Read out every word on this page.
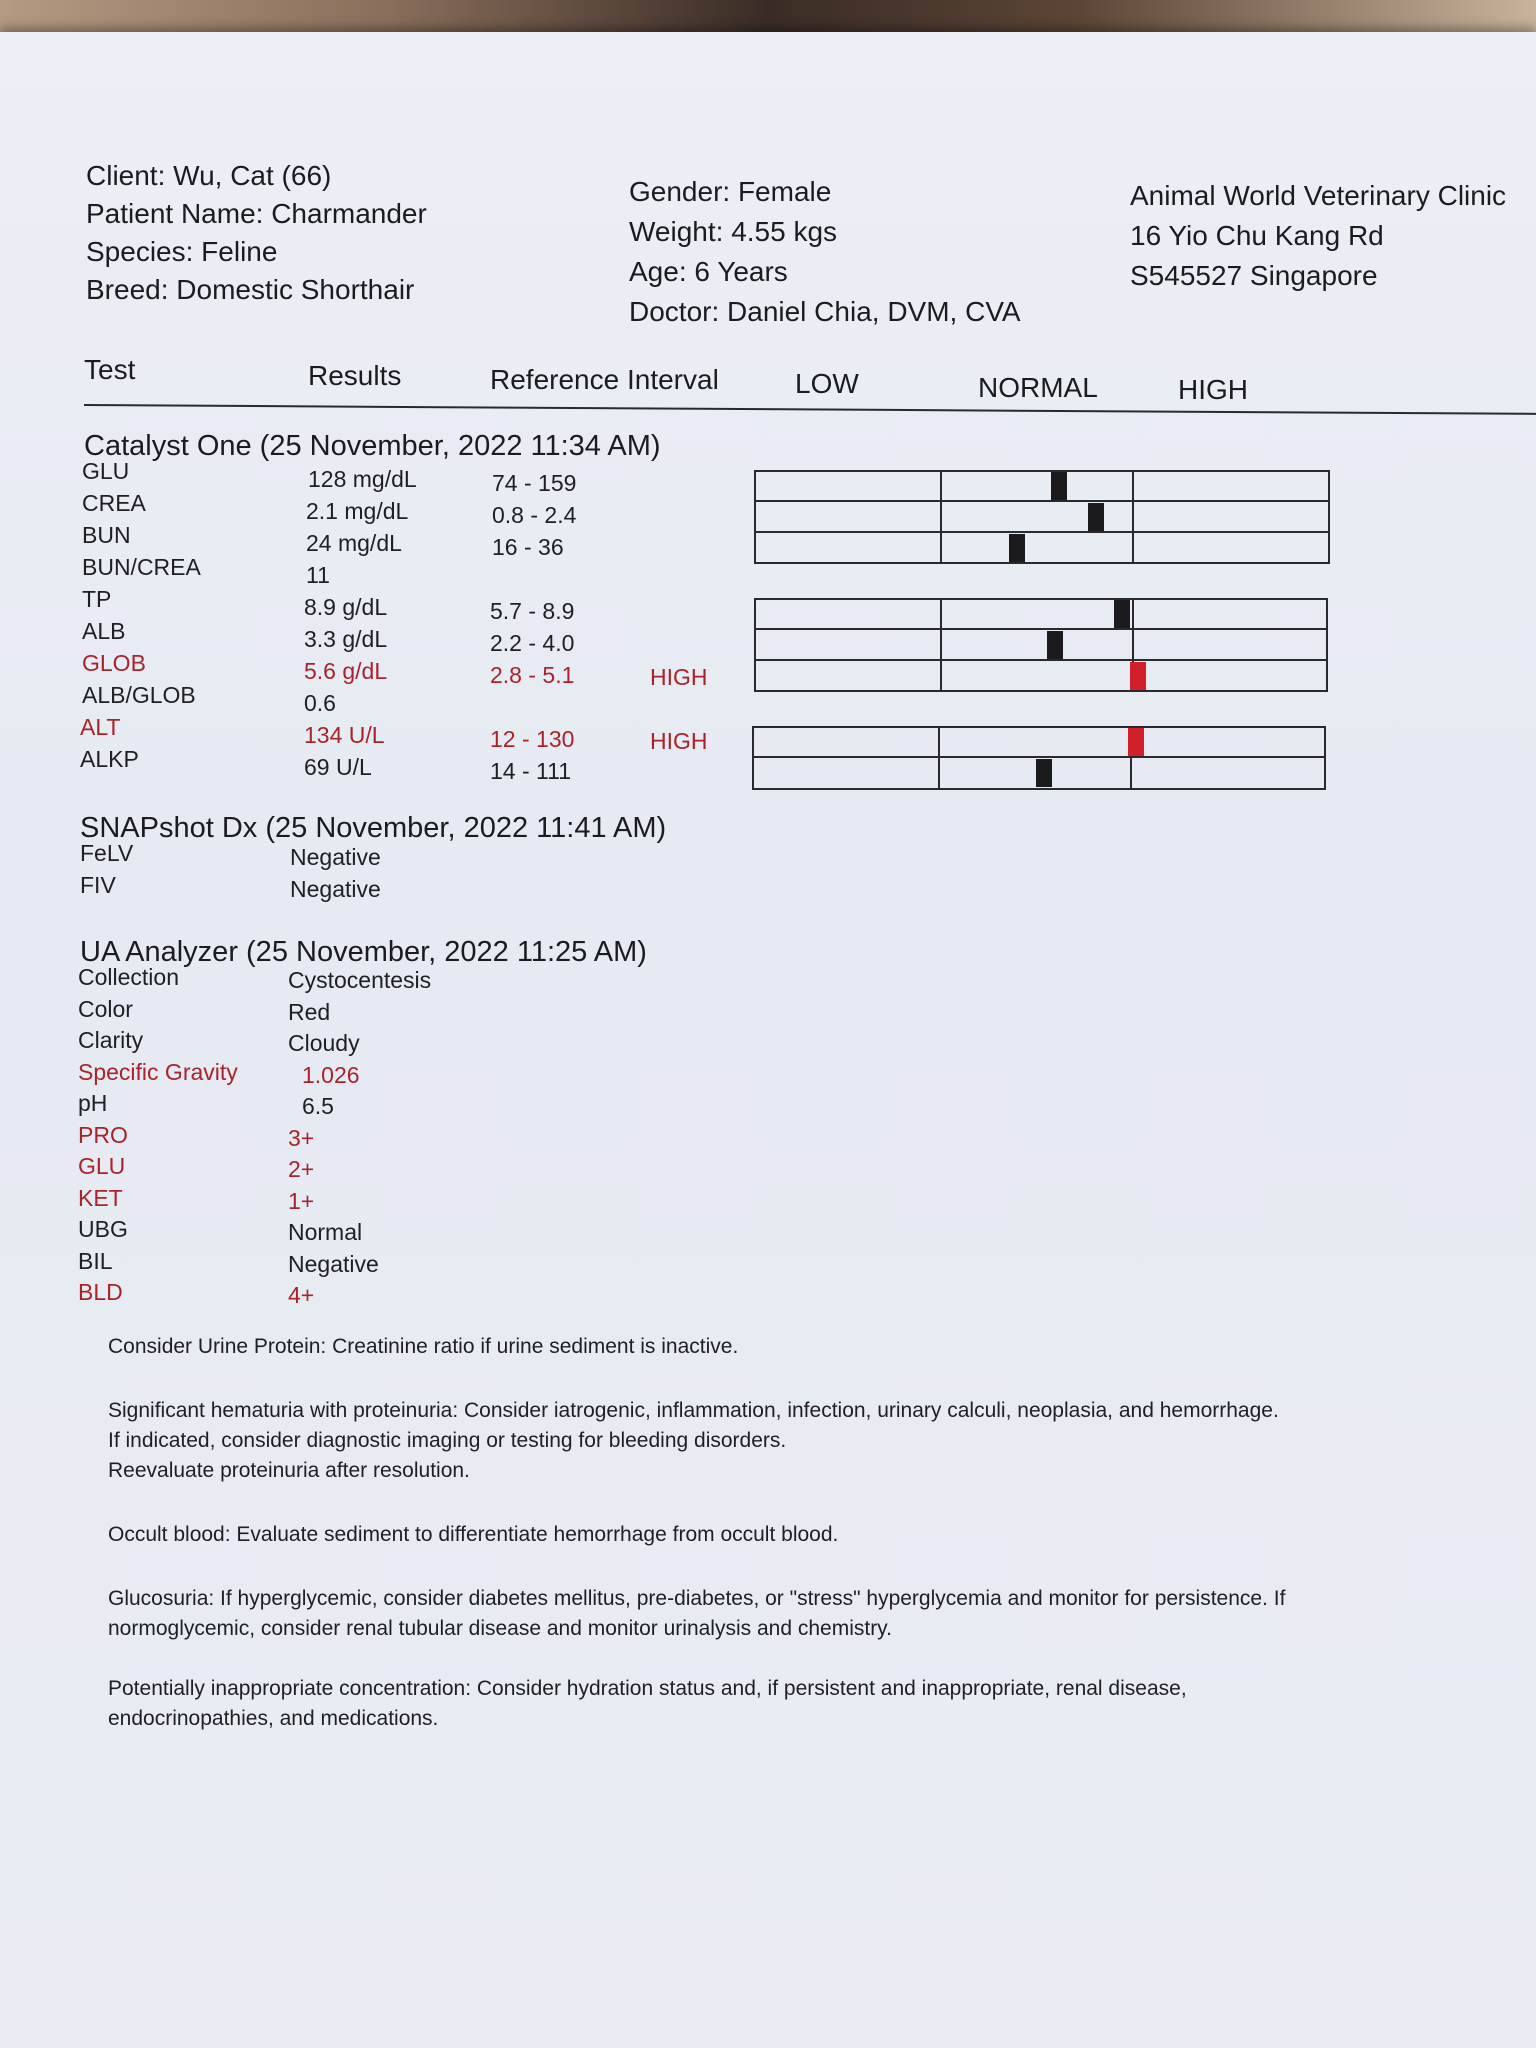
Client: Wu, Cat (66)
Patient Name: Charmander
Species: Feline
Breed: Domestic Shorthair
Gender: Female
Weight: 4.55 kgs
Age: 6 Years
Doctor: Daniel Chia, DVM, CVA
Animal World Veterinary Clinic
16 Yio Chu Kang Rd
S545527 Singapore
Test	Results	Reference Interval	LOW	NORMAL	HIGH
Catalyst One (25 November, 2022 11:34 AM)
GLU	128 mg/dL	74 - 159
CREA	2.1 mg/dL	0.8 - 2.4
BUN	24 mg/dL	16 - 36
BUN/CREA	11
TP	8.9 g/dL	5.7 - 8.9
ALB	3.3 g/dL	2.2 - 4.0
GLOB	5.6 g/dL	2.8 - 5.1	HIGH
ALB/GLOB	0.6
ALT	134 U/L	12 - 130	HIGH
ALKP	69 U/L	14 - 111
SNAPshot Dx (25 November, 2022 11:41 AM)
FeLV	Negative
FIV	Negative
UA Analyzer (25 November, 2022 11:25 AM)
Collection	Cystocentesis
Color	Red
Clarity	Cloudy
Specific Gravity	1.026
pH	6.5
PRO	3+
GLU	2+
KET	1+
UBG	Normal
BIL	Negative
BLD	4+
Consider Urine Protein: Creatinine ratio if urine sediment is inactive.
Significant hematuria with proteinuria: Consider iatrogenic, inflammation, infection, urinary calculi, neoplasia, and hemorrhage. If indicated, consider diagnostic imaging or testing for bleeding disorders.
Reevaluate proteinuria after resolution.
Occult blood: Evaluate sediment to differentiate hemorrhage from occult blood.
Glucosuria: If hyperglycemic, consider diabetes mellitus, pre-diabetes, or "stress" hyperglycemia and monitor for persistence. If normoglycemic, consider renal tubular disease and monitor urinalysis and chemistry.
Potentially inappropriate concentration: Consider hydration status and, if persistent and inappropriate, renal disease, endocrinopathies, and medications.
